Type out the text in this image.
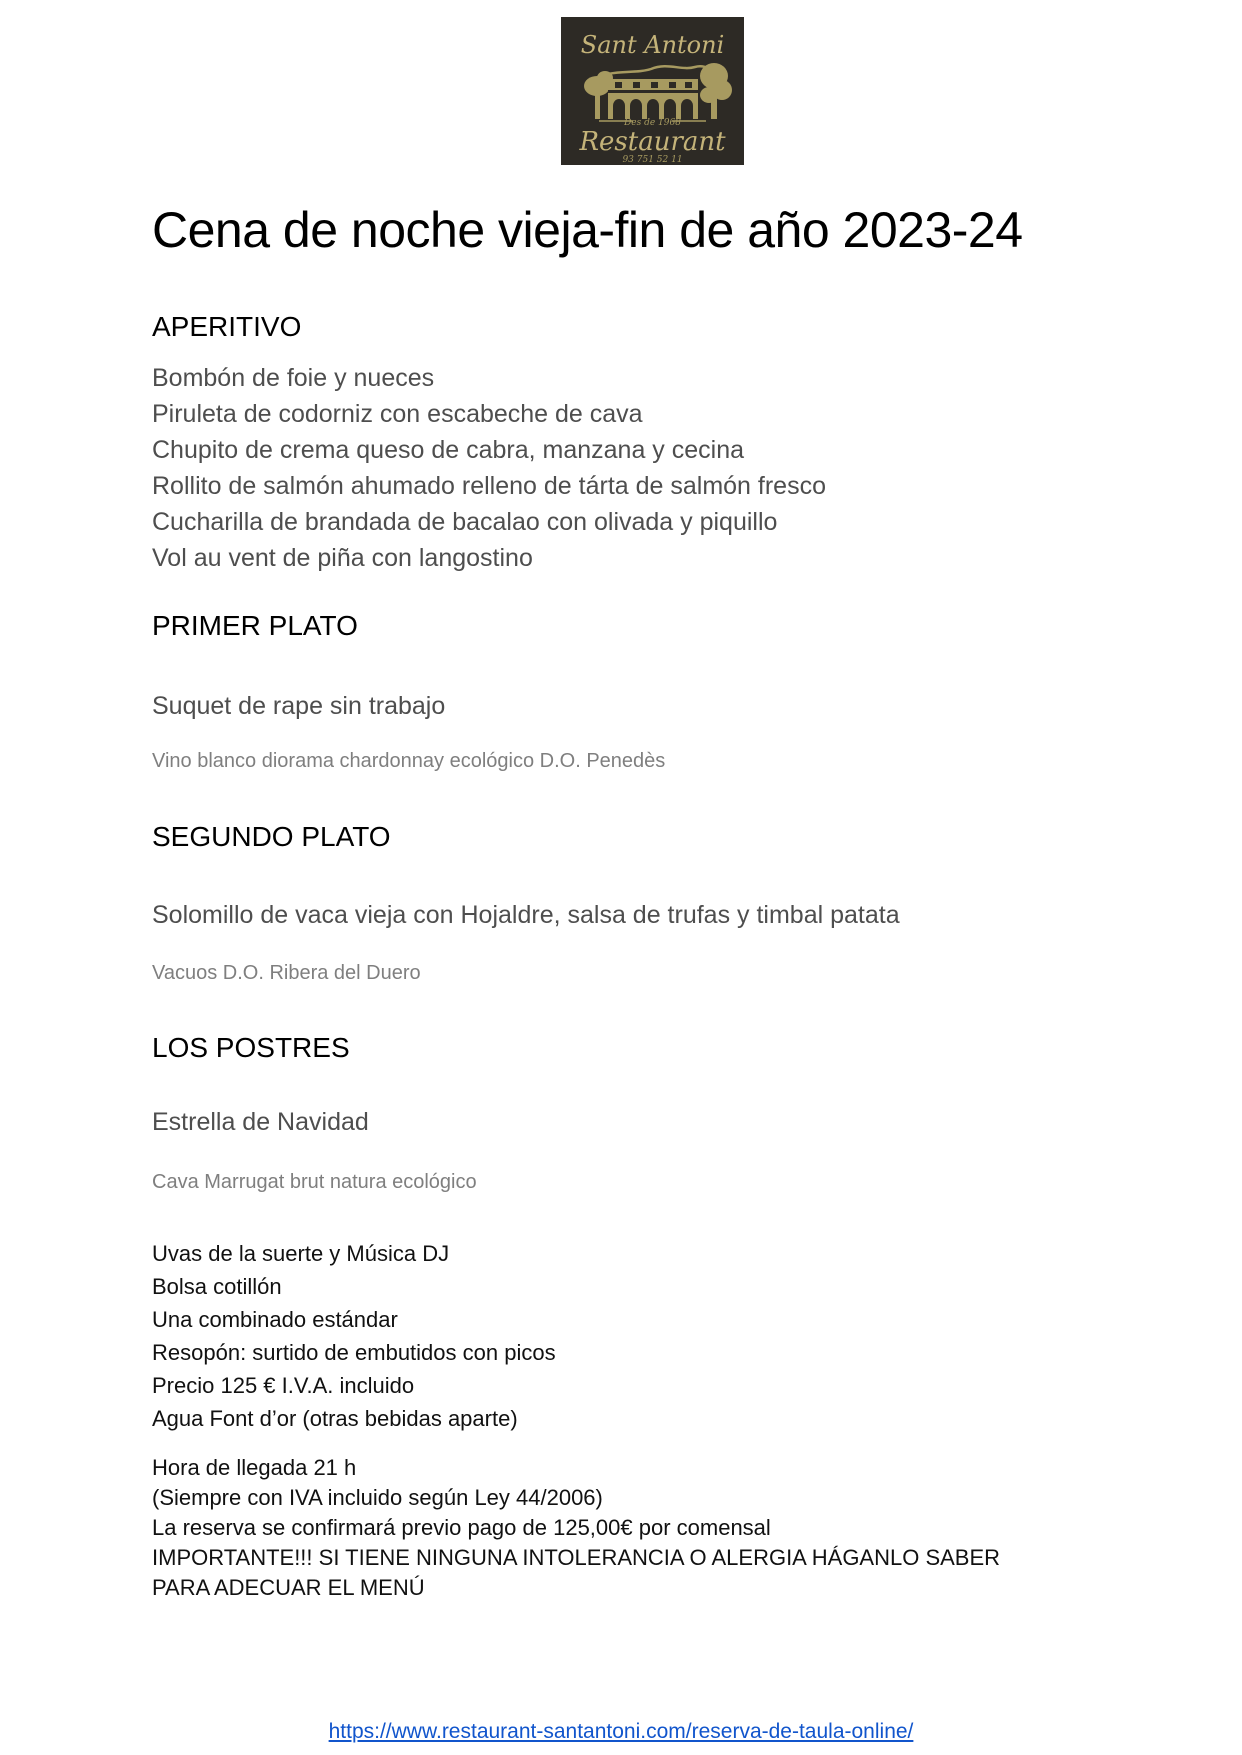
Sant Antoni
Des de 1968
Restaurant
93 751 52 11
Cena de noche vieja-fin de año 2023-24
APERITIVO
Bombón de foie y nueces
Piruleta de codorniz con escabeche de cava
Chupito de crema queso de cabra, manzana y cecina
Rollito de salmón ahumado relleno de tárta de salmón fresco
Cucharilla de brandada de bacalao con olivada y piquillo
Vol au vent de piña con langostino
PRIMER PLATO
Suquet de rape sin trabajo
Vino blanco diorama chardonnay ecológico D.O. Penedès
SEGUNDO PLATO
Solomillo de vaca vieja con Hojaldre, salsa de trufas y timbal patata
Vacuos D.O. Ribera del Duero
LOS POSTRES
Estrella de Navidad
Cava Marrugat brut natura ecológico
Uvas de la suerte y Música DJ
Bolsa cotillón
Una combinado estándar
Resopón: surtido de embutidos con picos
Precio 125 € I.V.A. incluido
Agua Font d’or (otras bebidas aparte)
Hora de llegada 21 h
(Siempre con IVA incluido según Ley 44/2006)
La reserva se confirmará previo pago de 125,00€ por comensal
IMPORTANTE!!! SI TIENE NINGUNA INTOLERANCIA O ALERGIA HÁGANLO SABER
PARA ADECUAR EL MENÚ
https://www.restaurant-santantoni.com/reserva-de-taula-online/
